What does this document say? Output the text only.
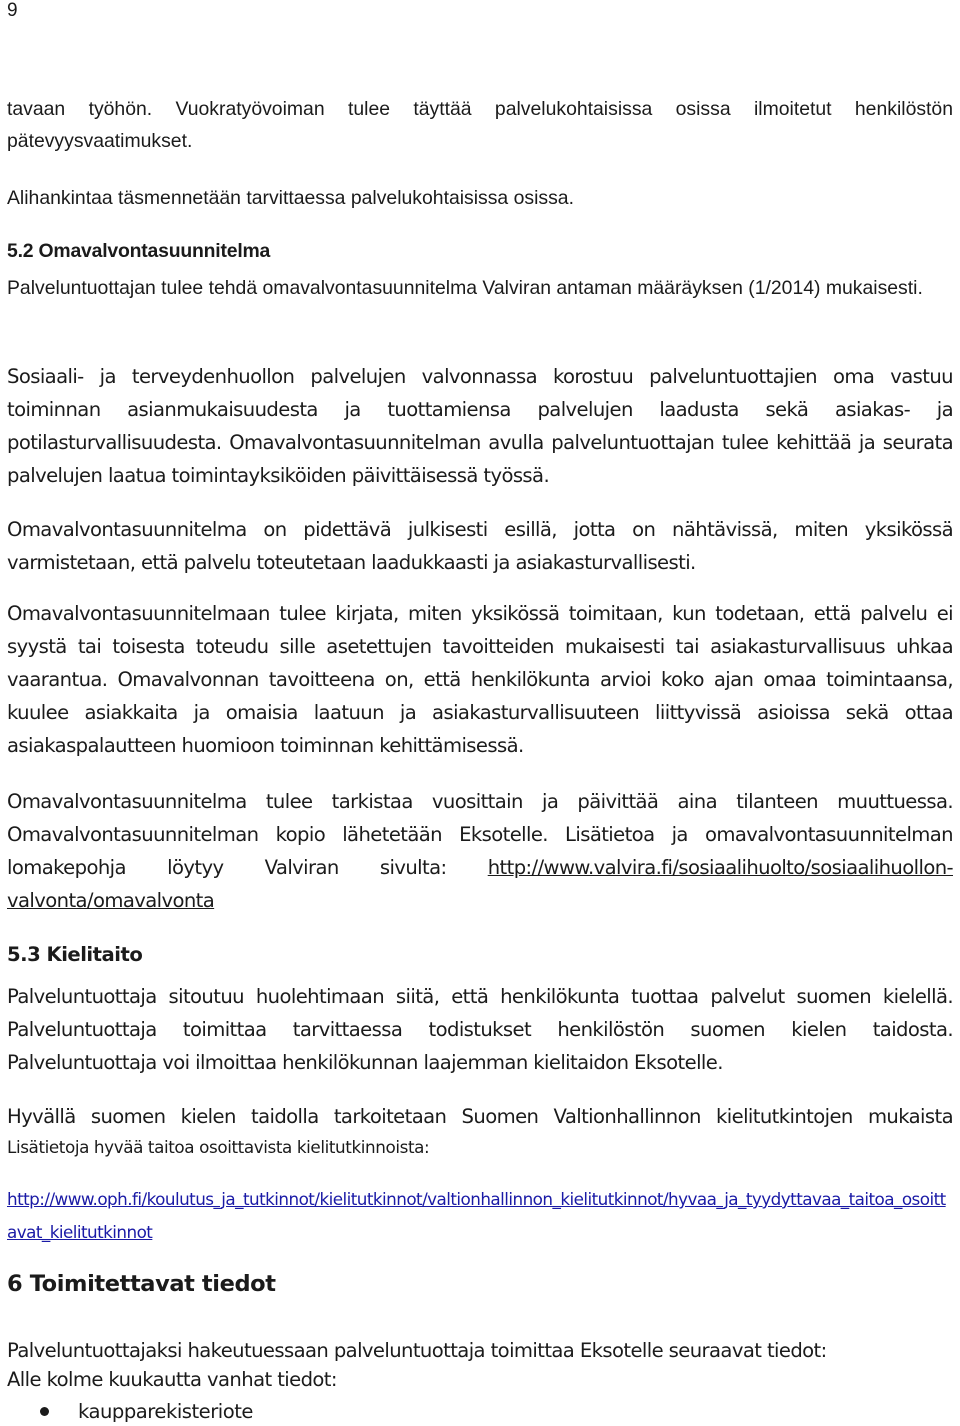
9

tavaan työhön. Vuokratyövoiman tulee täyttää palvelukohtaisissa osissa ilmoitetut henkilöstön

pätevyysvaatimukset.

Alihankintaa täsmennetään tarvittaessa palvelukohtaisissa osissa.

5.2 Omavalvontasuunnitelma

Palveluntuottajan tulee tehdä omavalvontasuunnitelma Valviran antaman määräyksen (1/2014) mukaisesti.

Sosiaali- ja terveydenhuollon palvelujen valvonnassa korostuu palveluntuottajien oma vastuu toiminnan asianmukaisuudesta ja tuottamiensa palvelujen laadusta sekä asiakas- ja potilasturvallisuudesta. Omavalvontasuunnitelman avulla palveluntuottajan tulee kehittää ja seurata palvelujen laatua toimintayksiköiden päivittäisessä työssä.

Omavalvontasuunnitelma on pidettävä julkisesti esillä, jotta on nähtävissä, miten yksikössä varmistetaan, että palvelu toteutetaan laadukkaasti ja asiakasturvallisesti.

Omavalvontasuunnitelmaan tulee kirjata, miten yksikössä toimitaan, kun todetaan, että palvelu ei syystä tai toisesta toteudu sille asetettujen tavoitteiden mukaisesti tai asiakasturvallisuus uhkaa vaarantua. Omavalvonnan tavoitteena on, että henkilökunta arvioi koko ajan omaa toimintaansa, kuulee asiakkaita ja omaisia laatuun ja asiakasturvallisuuteen liittyvissä asioissa sekä ottaa asiakaspalautteen huomioon toiminnan kehittämisessä.

Omavalvontasuunnitelma tulee tarkistaa vuosittain ja päivittää aina tilanteen muuttuessa. Omavalvontasuunnitelman kopio lähetetään Eksotelle. Lisätietoa ja omavalvontasuunnitelman lomakepohja löytyy Valviran sivulta: http://www.valvira.fi/sosiaalihuolto/sosiaalihuollon-valvonta/omavalvonta

5.3 Kielitaito

Palveluntuottaja sitoutuu huolehtimaan siitä, että henkilökunta tuottaa palvelut suomen kielellä. Palveluntuottaja toimittaa tarvittaessa todistukset henkilöstön suomen kielen taidosta. Palveluntuottaja voi ilmoittaa henkilökunnan laajemman kielitaidon Eksotelle.

Hyvällä suomen kielen taidolla tarkoitetaan Suomen Valtionhallinnon kielitutkintojen mukaista

Lisätietoja hyvää taitoa osoittavista kielitutkinnoista:

http://www.oph.fi/koulutus_ja_tutkinnot/kielitutkinnot/valtionhallinnon_kielitutkinnot/hyvaa_ja_tyydyttavaa_taitoa_osoittavat_kielitutkinnot

6 Toimitettavat tiedot

Palveluntuottajaksi hakeutuessaan palveluntuottaja toimittaa Eksotelle seuraavat tiedot:

Alle kolme kuukautta vanhat tiedot:

kaupparekisteriote
